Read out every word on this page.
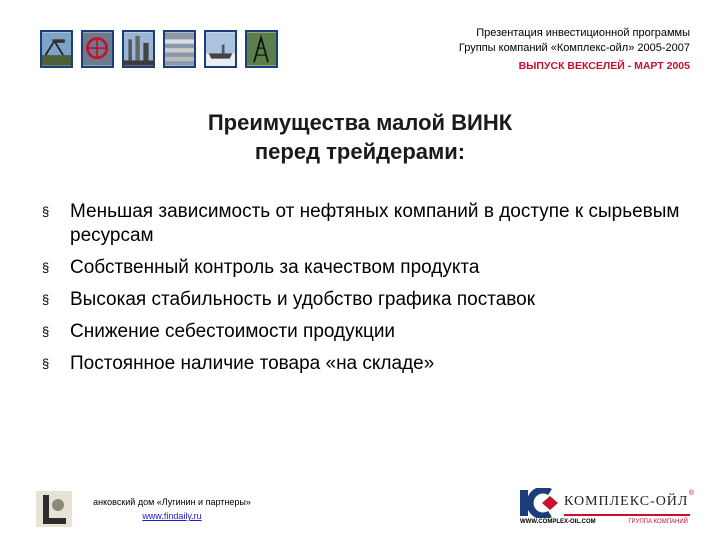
Презентация инвестиционной программы
Группы компаний «Комплекс-ойл» 2005-2007
ВЫПУСК ВЕКСЕЛЕЙ - МАРТ 2005
Преимущества малой ВИНК
перед трейдерами:
§	Меньшая зависимость от нефтяных компаний в доступе к сырьевым ресурсам
§	Собственный контроль за качеством продукта
§	Высокая стабильность и удобство графика поставок
§	Снижение себестоимости продукции
§	Постоянное наличие товара «на складе»
анковский дом «Лугинин и партнеры»
www.findaily.ru
КОМПЛЕКС-ОЙЛ
®
WWW.COMPLEX-OIL.COM	ГРУППА КОМПАНИЙ
